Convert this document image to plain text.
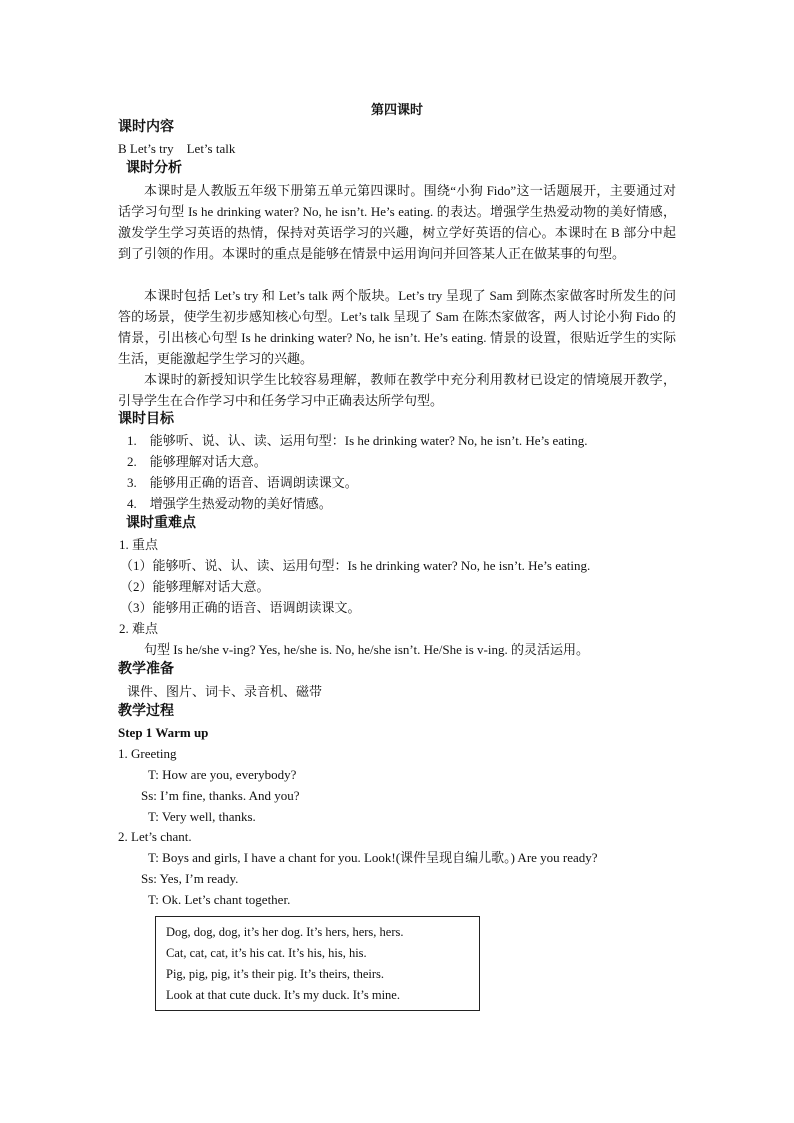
第四课时
课时内容
B Let’s try　Let’s talk
课时分析
本课时是人教版五年级下册第五单元第四课时。围绕“小狗 Fido”这一话题展开，主要通过对话学习句型 Is he drinking water? No, he isn’t. He’s eating. 的表达。增强学生热爱动物的美好情感，激发学生学习英语的热情，保持对英语学习的兴趣，树立学好英语的信心。本课时在 B 部分中起到了引领的作用。本课时的重点是能够在情景中运用询问并回答某人正在做某事的句型。
本课时包括 Let’s try 和 Let’s talk 两个版块。Let’s try 呈现了 Sam 到陈杰家做客时所发生的问答的场景，使学生初步感知核心句型。Let’s talk 呈现了 Sam 在陈杰家做客，两人讨论小狗 Fido 的情景，引出核心句型 Is he drinking water? No, he isn’t. He’s eating. 情景的设置，很贴近学生的实际生活，更能激起学生学习的兴趣。
本课时的新授知识学生比较容易理解，教师在教学中充分利用教材已设定的情境展开教学，引导学生在合作学习中和任务学习中正确表达所学句型。
课时目标
1.　能够听、说、认、读、运用句型：Is he drinking water? No, he isn’t. He’s eating.
2.　能够理解对话大意。
3.　能够用正确的语音、语调朗读课文。
4.　增强学生热爱动物的美好情感。
课时重难点
1. 重点
（1）能够听、说、认、读、运用句型：Is he drinking water? No, he isn’t. He’s eating.
（2）能够理解对话大意。
（3）能够用正确的语音、语调朗读课文。
2. 难点
句型 Is he/she v-ing? Yes, he/she is. No, he/she isn’t. He/She is v-ing. 的灵活运用。
教学准备
课件、图片、词卡、录音机、磁带
教学过程
Step 1 Warm up
1. Greeting
T: How are you, everybody?
Ss: I’m fine, thanks. And you?
T: Very well, thanks.
2. Let’s chant.
T: Boys and girls, I have a chant for you. Look!(课件呈现自编儿歌。) Are you ready?
Ss: Yes, I’m ready.
T: Ok. Let’s chant together.
Dog, dog, dog, it’s her dog. It’s hers, hers, hers.
Cat, cat, cat, it’s his cat. It’s his, his, his.
Pig, pig, pig, it’s their pig. It’s theirs, theirs.
Look at that cute duck. It’s my duck. It’s mine.
